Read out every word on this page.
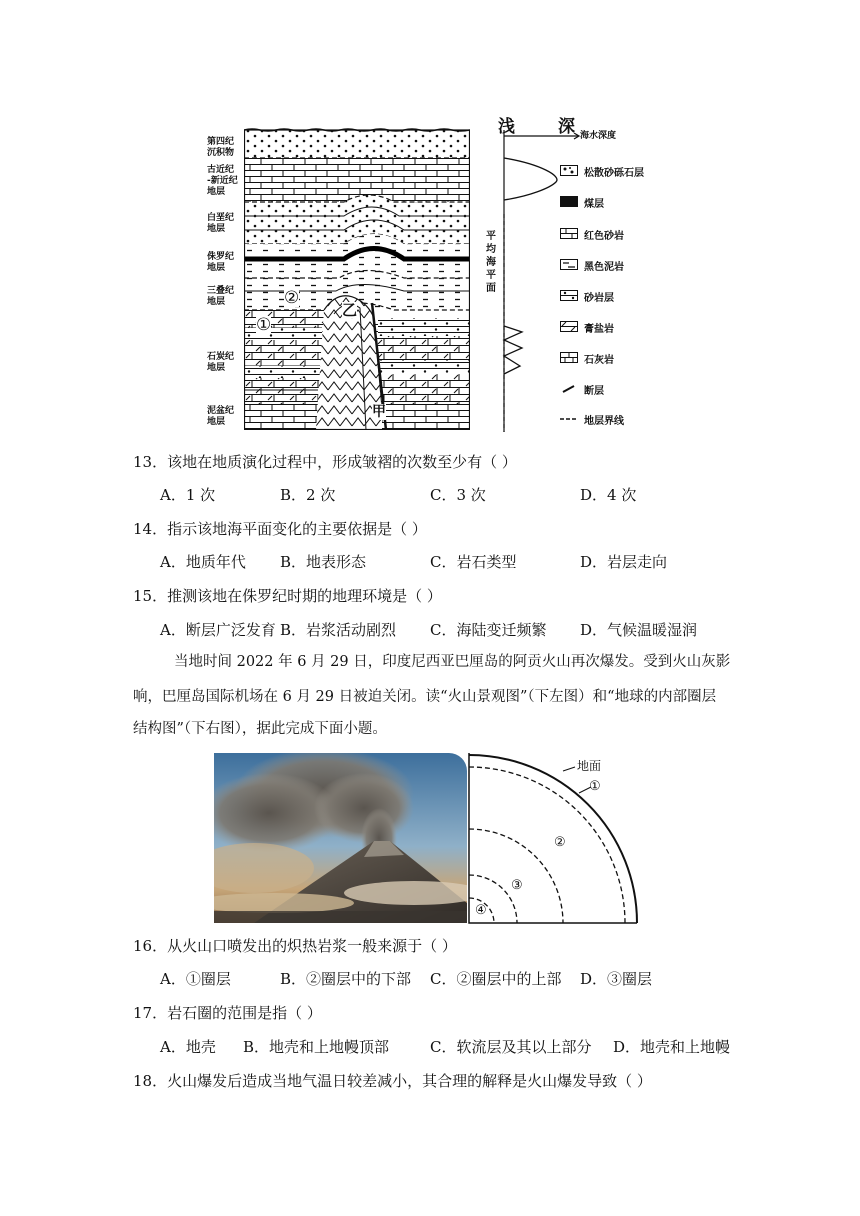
第四纪
沉积物
古近纪
-新近纪
地层
白垩纪
地层
侏罗纪
地层
三叠纪
地层
石炭纪
地层
泥盆纪
地层
①
②
乙
甲
浅	深 海水深度
平
均
海
平
面
松散砂砾石层
煤层
红色砂岩
黑色泥岩
砂岩层
膏盐岩
石灰岩
断层
地层界线
13．该地在地质演化过程中，形成皱褶的次数至少有（ ）
A．1 次	B．2 次	C．3 次	D．4 次
14．指示该地海平面变化的主要依据是（ ）
A．地质年代 B．地表形态	C．岩石类型	D．岩层走向
15．推测该地在侏罗纪时期的地理环境是（ ）
A．断层广泛发育 B．岩浆活动剧烈 C．海陆变迁频繁 D．气候温暖湿润
当地时间 2022 年 6 月 29 日，印度尼西亚巴厘岛的阿贡火山再次爆发。受到火山灰影
响，巴厘岛国际机场在 6 月 29 日被迫关闭。读“火山景观图”（下左图）和“地球的内部圈层
结构图”（下右图），据此完成下面小题。
地面
①
②
③
④
16．从火山口喷发出的炽热岩浆一般来源于（ ）
A．①圈层	B．②圈层中的下部 C．②圈层中的上部 D．③圈层
17．岩石圈的范围是指（ ）
A．地壳 B．地壳和上地幔顶部	C．软流层及其以上部分 D．地壳和上地幔
18．火山爆发后造成当地气温日较差减小，其合理的解释是火山爆发导致（ ）
